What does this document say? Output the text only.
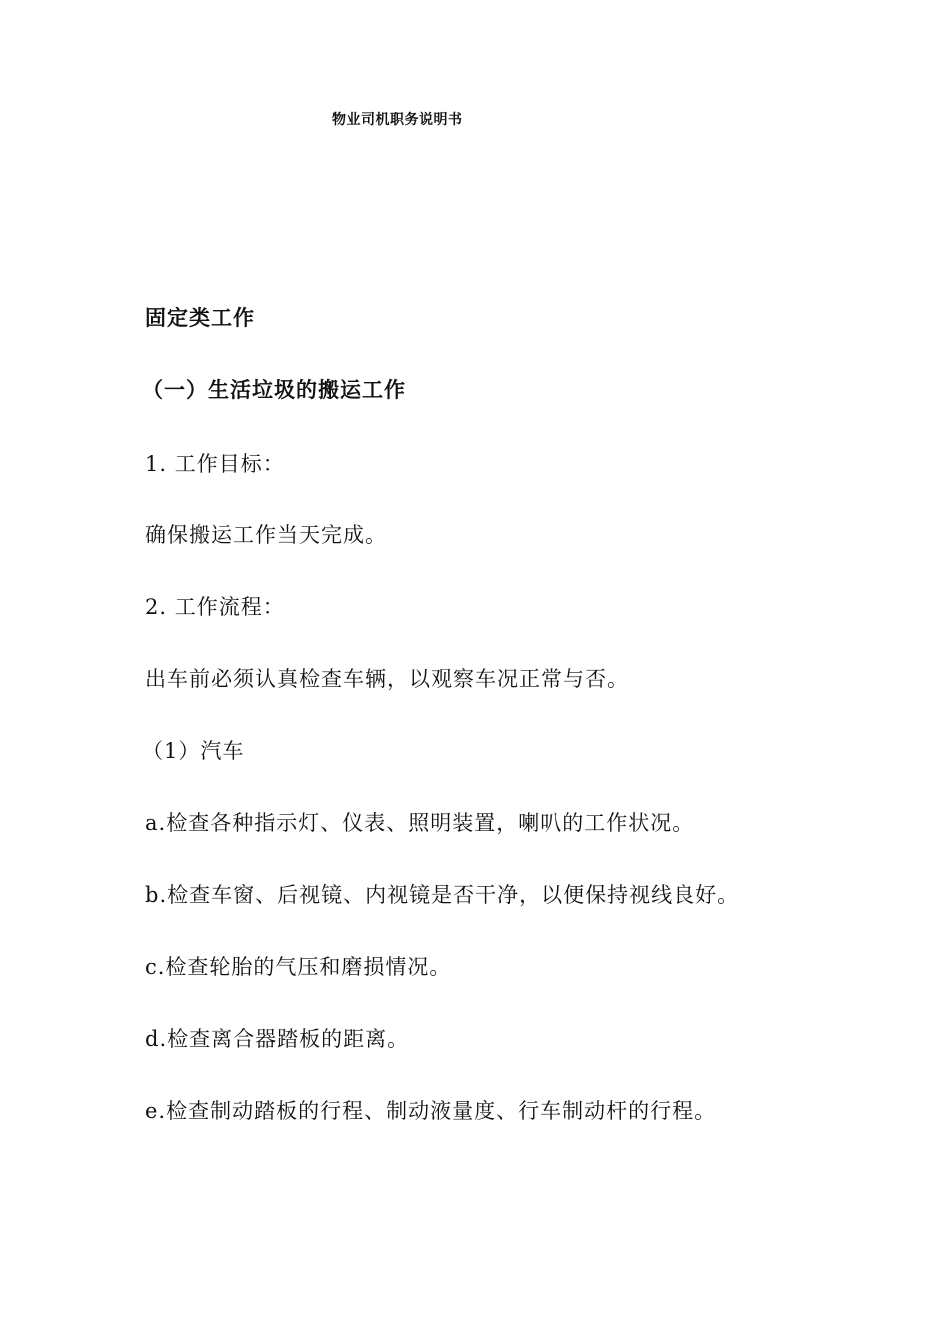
物业司机职务说明书
固定类工作
（一）生活垃圾的搬运工作
1. 工作目标：
确保搬运工作当天完成。
2. 工作流程：
出车前必须认真检查车辆，以观察车况正常与否。
（1）汽车
a.检查各种指示灯、仪表、照明装置，喇叭的工作状况。
b.检查车窗、后视镜、内视镜是否干净，以便保持视线良好。
c.检查轮胎的气压和磨损情况。
d.检查离合器踏板的距离。
e.检查制动踏板的行程、制动液量度、行车制动杆的行程。
